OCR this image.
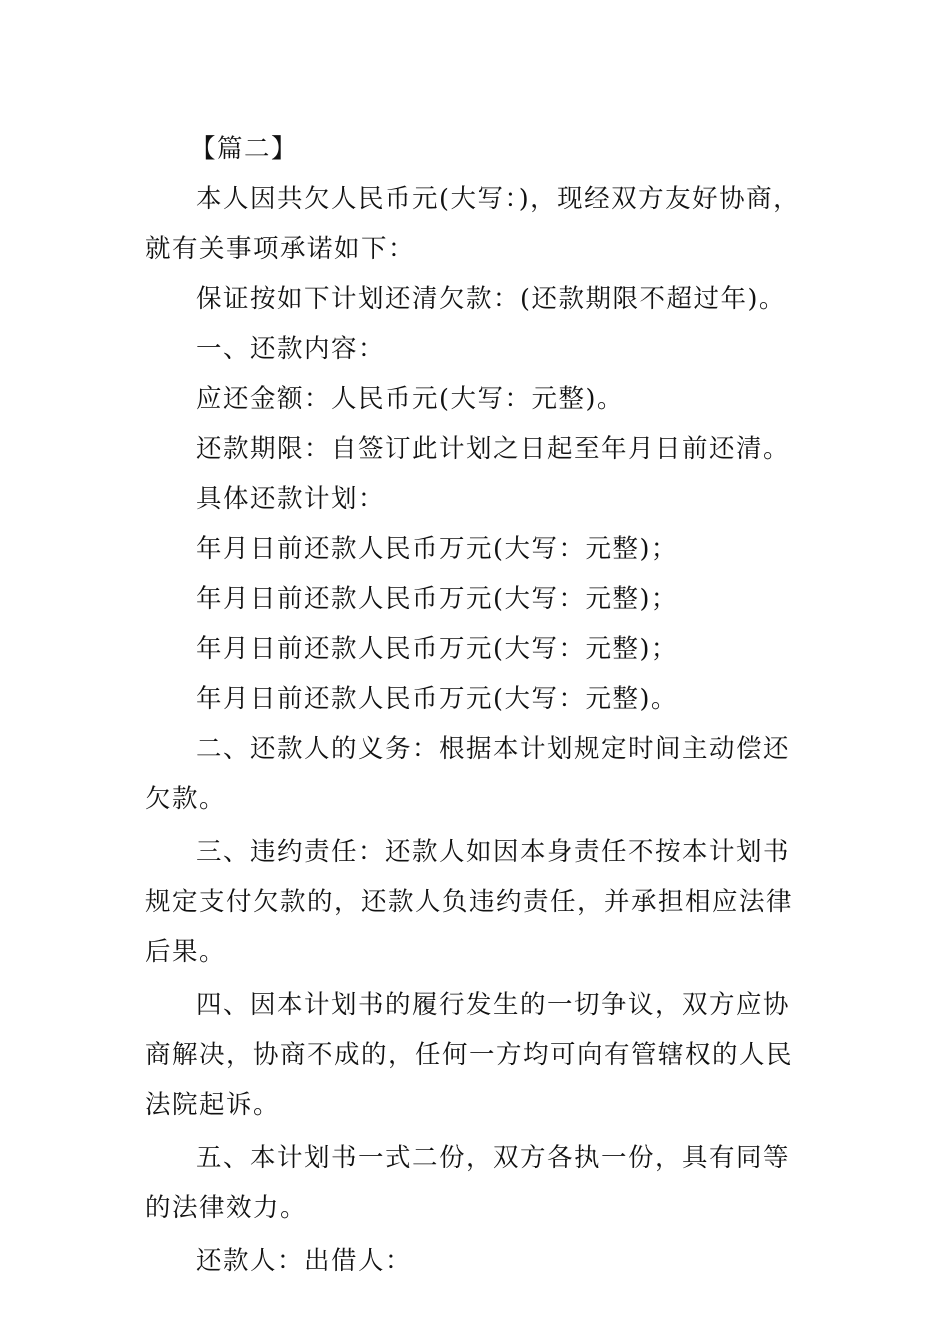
【篇二】

本人因共欠人民币元(大写：)，现经双方友好协商，就有关事项承诺如下：

保证按如下计划还清欠款：(还款期限不超过年)。

一、还款内容：

应还金额：人民币元(大写：元整)。

还款期限：自签订此计划之日起至年月日前还清。

具体还款计划：

年月日前还款人民币万元(大写：元整)；

年月日前还款人民币万元(大写：元整)；

年月日前还款人民币万元(大写：元整)；

年月日前还款人民币万元(大写：元整)。

二、还款人的义务：根据本计划规定时间主动偿还欠款。

三、违约责任：还款人如因本身责任不按本计划书规定支付欠款的，还款人负违约责任，并承担相应法律后果。

四、因本计划书的履行发生的一切争议，双方应协商解决，协商不成的，任何一方均可向有管辖权的人民法院起诉。

五、本计划书一式二份，双方各执一份，具有同等的法律效力。

还款人：出借人：
